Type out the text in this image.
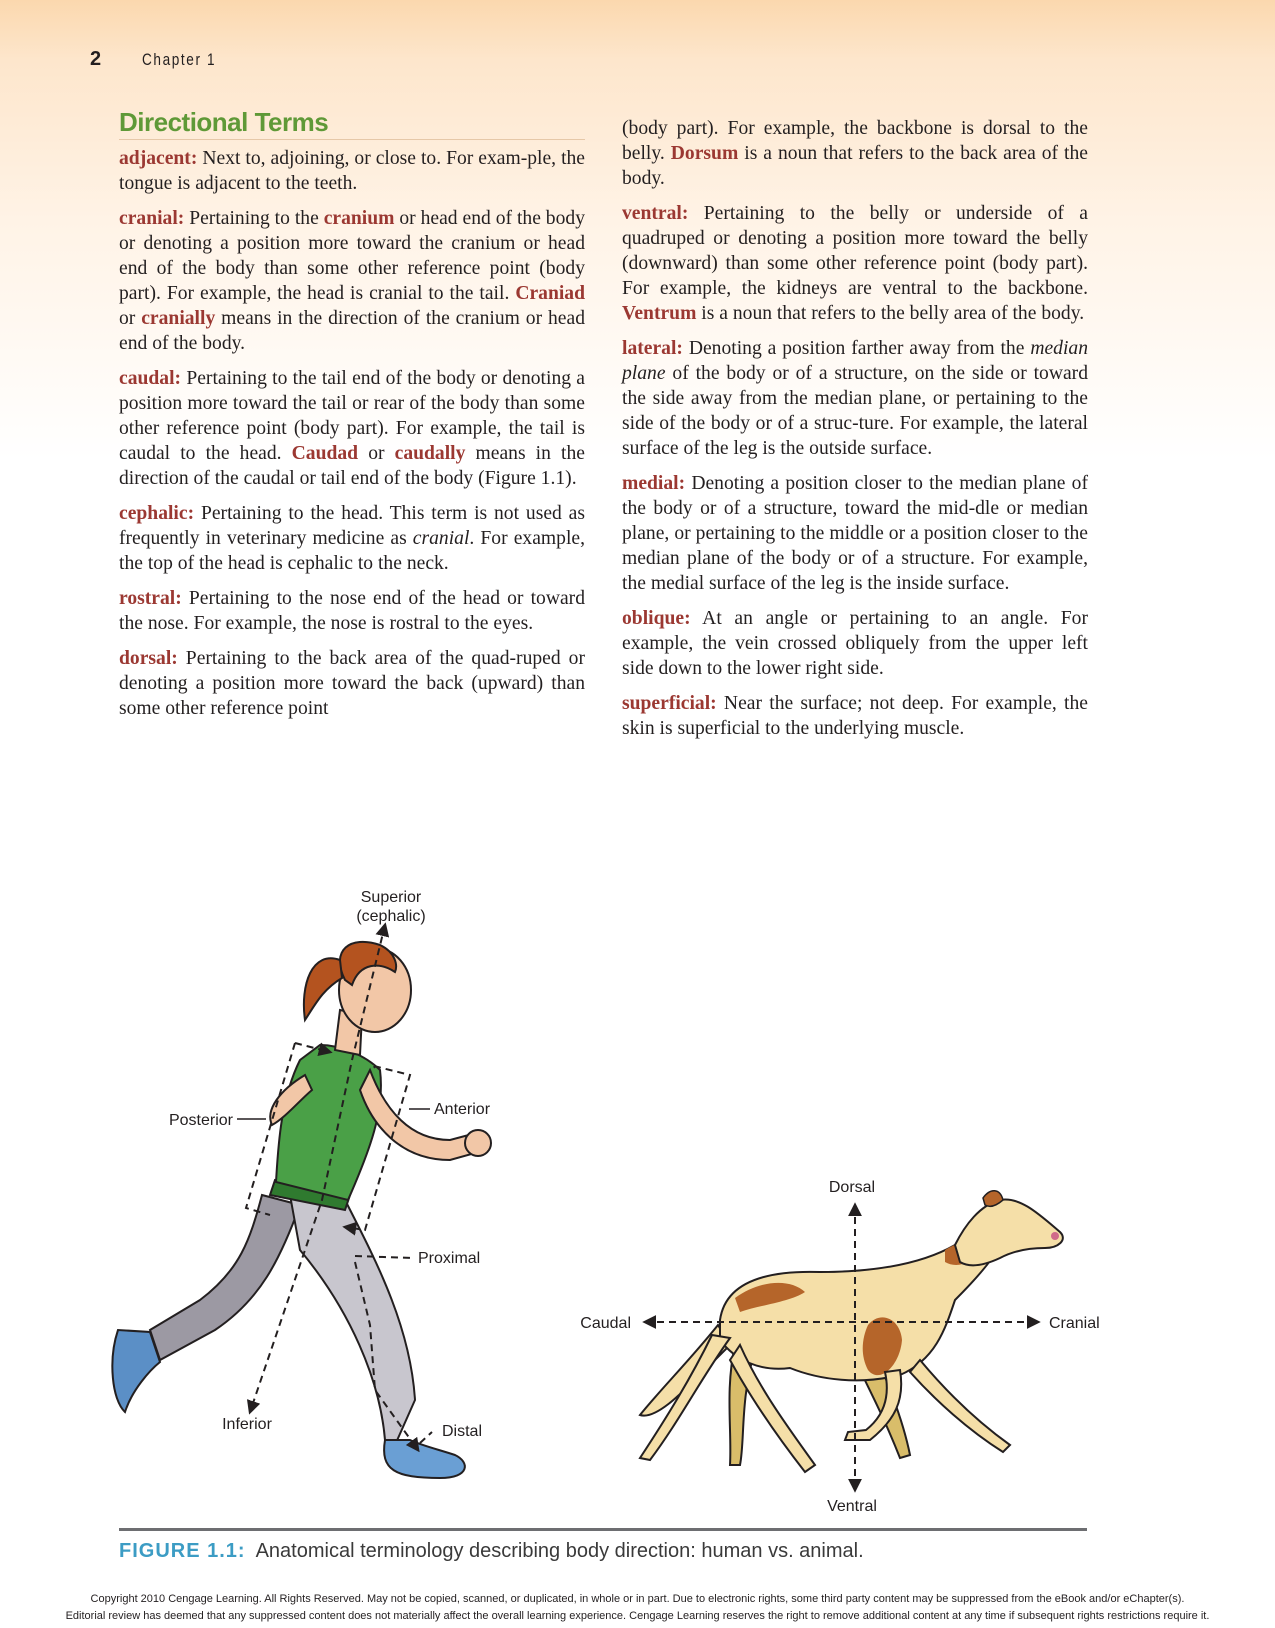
2	Chapter 1
Directional Terms

adjacent: Next to, adjoining, or close to. For exam-ple, the tongue is adjacent to the teeth.

cranial: Pertaining to the cranium or head end of the body or denoting a position more toward the cranium or head end of the body than some other reference point (body part). For example, the head is cranial to the tail. Craniad or cranially means in the direction of the cranium or head end of the body.

caudal: Pertaining to the tail end of the body or denoting a position more toward the tail or rear of the body than some other reference point (body part). For example, the tail is caudal to the head. Caudad or caudally means in the direction of the caudal or tail end of the body (Figure 1.1).

cephalic: Pertaining to the head. This term is not used as frequently in veterinary medicine as cranial. For example, the top of the head is cephalic to the neck.

rostral: Pertaining to the nose end of the head or toward the nose. For example, the nose is rostral to the eyes.

dorsal: Pertaining to the back area of the quad-ruped or denoting a position more toward the back (upward) than some other reference point

(body part). For example, the backbone is dorsal to the belly. Dorsum is a noun that refers to the back area of the body.

ventral: Pertaining to the belly or underside of a quadruped or denoting a position more toward the belly (downward) than some other reference point (body part). For example, the kidneys are ventral to the backbone. Ventrum is a noun that refers to the belly area of the body.

lateral: Denoting a position farther away from the median plane of the body or of a structure, on the side or toward the side away from the median plane, or pertaining to the side of the body or of a struc-ture. For example, the lateral surface of the leg is the outside surface.

medial: Denoting a position closer to the median plane of the body or of a structure, toward the mid-dle or median plane, or pertaining to the middle or a position closer to the median plane of the body or of a structure. For example, the medial surface of the leg is the inside surface.

oblique: At an angle or pertaining to an angle. For example, the vein crossed obliquely from the upper left side down to the lower right side.

superficial: Near the surface; not deep. For example, the skin is superficial to the underlying muscle.

Superior
(cephalic)
Posterior
Anterior
Proximal
Inferior	Distal
Dorsal
Ventral
Caudal	Cranial
FIGURE 1.1: Anatomical terminology describing body direction: human vs. animal.
Copyright 2010 Cengage Learning. All Rights Reserved. May not be copied, scanned, or duplicated, in whole or in part. Due to electronic rights, some third party content may be suppressed from the eBook and/or eChapter(s).
Editorial review has deemed that any suppressed content does not materially affect the overall learning experience. Cengage Learning reserves the right to remove additional content at any time if subsequent rights restrictions require it.
